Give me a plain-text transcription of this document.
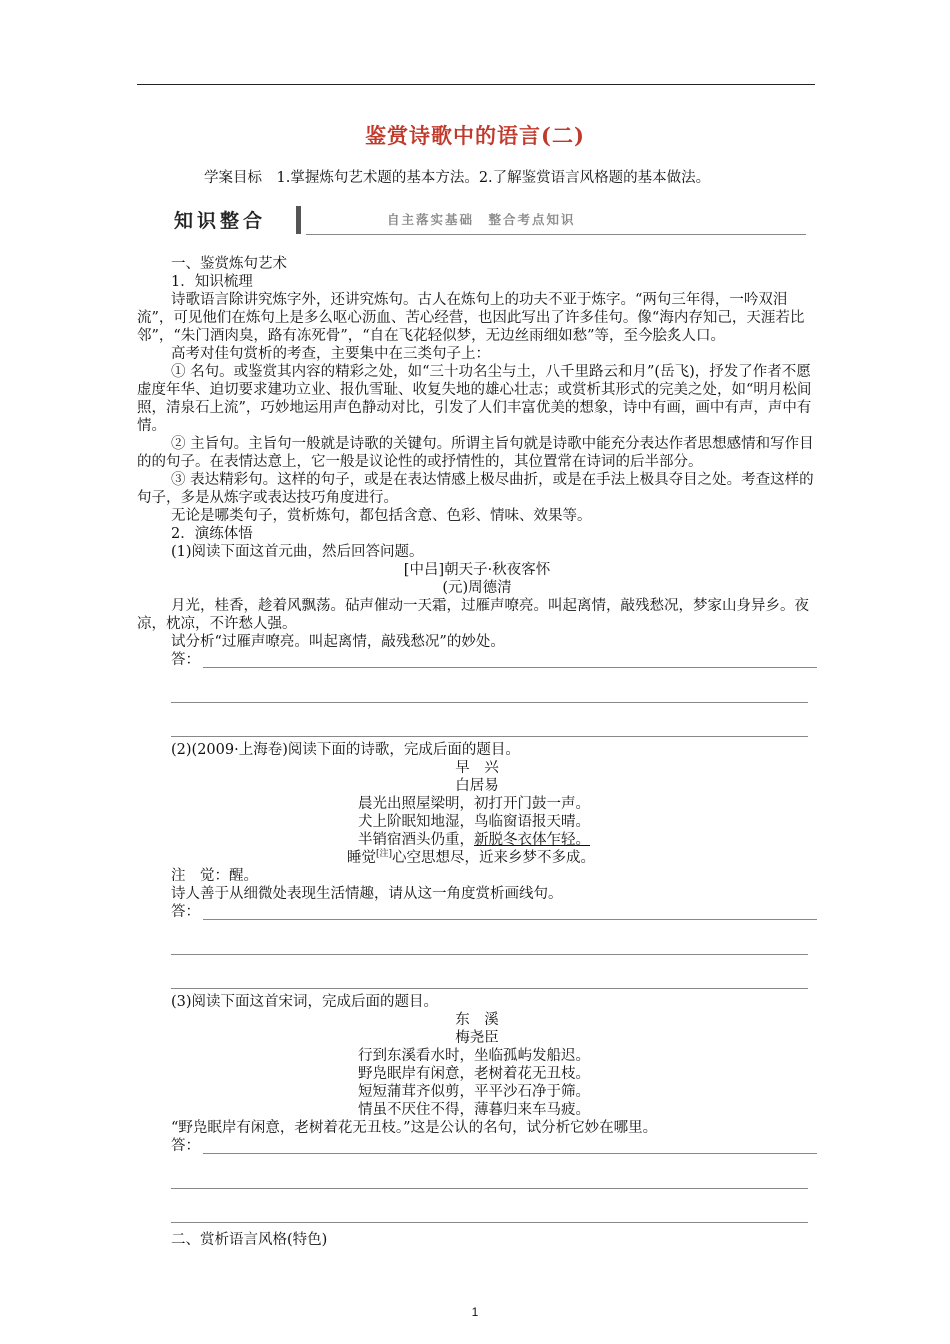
鉴赏诗歌中的语言(二)
学案目标　1.掌握炼句艺术题的基本方法。2.了解鉴赏语言风格题的基本做法。
知识整合	自主落实基础　整合考点知识

一、鉴赏炼句艺术

1．知识梳理

诗歌语言除讲究炼字外，还讲究炼句。古人在炼句上的功夫不亚于炼字。“两句三年得，一吟双泪流”，可见他们在炼句上是多么呕心沥血、苦心经营，也因此写出了许多佳句。像“海内存知己，天涯若比邻”，“朱门酒肉臭，路有冻死骨”，“自在飞花轻似梦，无边丝雨细如愁”等，至今脍炙人口。

高考对佳句赏析的考查，主要集中在三类句子上：

① 名句。或鉴赏其内容的精彩之处，如“三十功名尘与土，八千里路云和月”(岳飞)，抒发了作者不愿虚度年华、迫切要求建功立业、报仇雪耻、收复失地的雄心壮志；或赏析其形式的完美之处，如“明月松间照，清泉石上流”，巧妙地运用声色静动对比，引发了人们丰富优美的想象，诗中有画，画中有声，声中有情。

② 主旨句。主旨句一般就是诗歌的关键句。所谓主旨句就是诗歌中能充分表达作者思想感情和写作目的的句子。在表情达意上，它一般是议论性的或抒情性的，其位置常在诗词的后半部分。

③ 表达精彩句。这样的句子，或是在表达情感上极尽曲折，或是在手法上极具夺目之处。考查这样的句子，多是从炼字或表达技巧角度进行。

无论是哪类句子，赏析炼句，都包括含意、色彩、情味、效果等。

2．演练体悟

(1)阅读下面这首元曲，然后回答问题。

[中吕]朝天子·秋夜客怀

(元)周德清

月光，桂香，趁着风飘荡。砧声催动一天霜，过雁声嘹亮。叫起离情，敲残愁况，梦家山身异乡。夜凉，枕凉，不许愁人强。

试分析“过雁声嘹亮。叫起离情，敲残愁况”的妙处。

答：

(2)(2009·上海卷)阅读下面的诗歌，完成后面的题目。

早　兴

白居易

晨光出照屋梁明，初打开门鼓一声。

犬上阶眠知地湿，鸟临窗语报天晴。

半销宿酒头仍重，新脱冬衣体乍轻。

睡觉[注]心空思想尽，近来乡梦不多成。

注　觉：醒。

诗人善于从细微处表现生活情趣，请从这一角度赏析画线句。

答：

(3)阅读下面这首宋词，完成后面的题目。

东　溪

梅尧臣

行到东溪看水时，坐临孤屿发船迟。

野凫眠岸有闲意，老树着花无丑枝。

短短蒲茸齐似剪，平平沙石净于筛。

情虽不厌住不得，薄暮归来车马疲。

“野凫眠岸有闲意，老树着花无丑枝。”这是公认的名句，试分析它妙在哪里。

答：

二、赏析语言风格(特色)

1
